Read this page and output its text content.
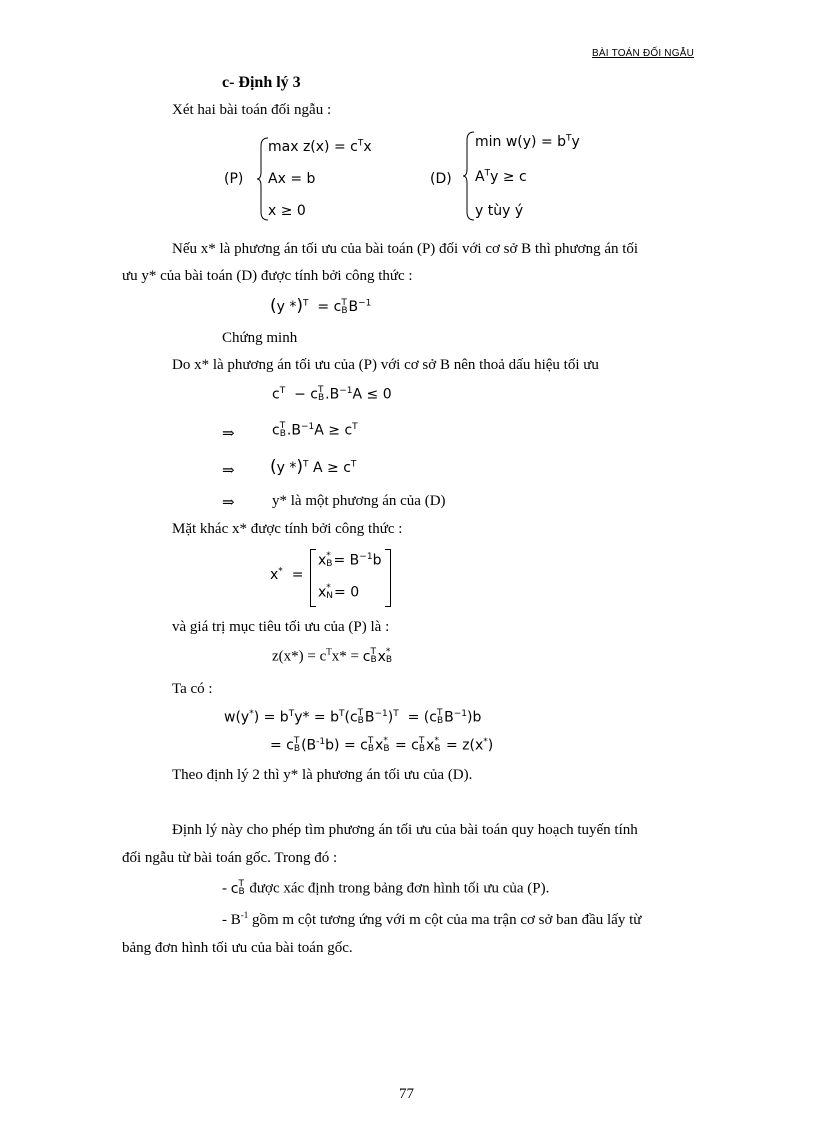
BÀI TOÁN ĐỐI NGẪU
c- Định lý 3
Xét hai bài toán đối ngẫu :
(P)
$\max z(x) = c^Tx$
Ax = b
x ≥ 0
(D)
$\min w(y) = b^Ty$
$A^Ty \ge c$
y tùy ý
Nếu x* là phương án tối ưu của bài toán (P) đối với cơ sở B thì phương án tối
ưu y* của bài toán (D) được tính bởi công thức :
(y *)$^T$  = c T
B $B^{-1}$
Chứng minh
Do x* là phương án tối ưu của (P) với cơ sở B nên thoả dấu hiệu tối ưu
$c^T - c$ T
B $.B^{-1}A \le 0$
⇒	c T
B $.B^{-1}A \ge c^T$
⇒ (y *)$^T$ $A \ge c^T$
⇒ y* là một phương án của (D)
Mặt khác x* được tính bởi công thức :
x*  =
x *
$B = B^{-1}b$
x *
N = 0
và giá trị mục tiêu tối ưu của (P) là :
$z(x*) = c^Tx* = c$ T
B x *
B
Ta có :
$w(y^*) = b^Ty* = b^T(c$ T
B $B^{-1})^T = (c$ T
B $B^{-1})b$
= c T
B $(B^{-1}b) = c$ T
B x *
B = c T
B x *
B = z(x*)
Theo định lý 2 thì y* là phương án tối ưu của (D).
Định lý này cho phép tìm phương án tối ưu của bài toán quy hoạch tuyến tính
đối ngẫu từ bài toán gốc. Trong đó :
- c T
B được xác định trong bảng đơn hình tối ưu của (P).
- $B^{-1}$ gồm m cột tương ứng với m cột của ma trận cơ sở ban đầu lấy từ
bảng đơn hình tối ưu của bài toán gốc.
77
